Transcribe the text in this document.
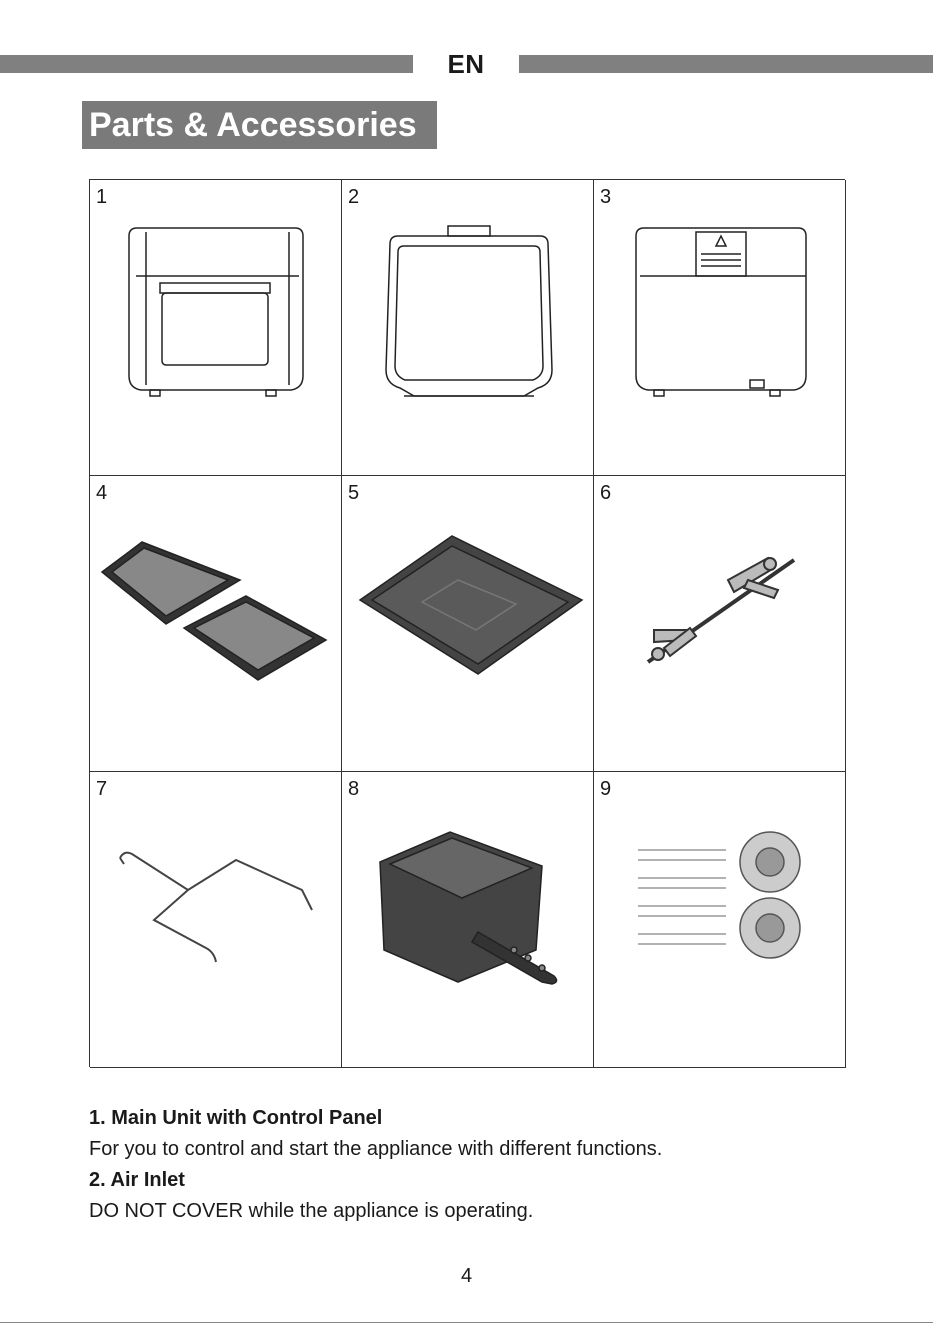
EN
Parts & Accessories
1	2	3
4	5	6
7	8	9
1. Main Unit with Control Panel
For you to control and start the appliance with different functions.
2. Air Inlet
DO NOT COVER while the appliance is operating.
4
